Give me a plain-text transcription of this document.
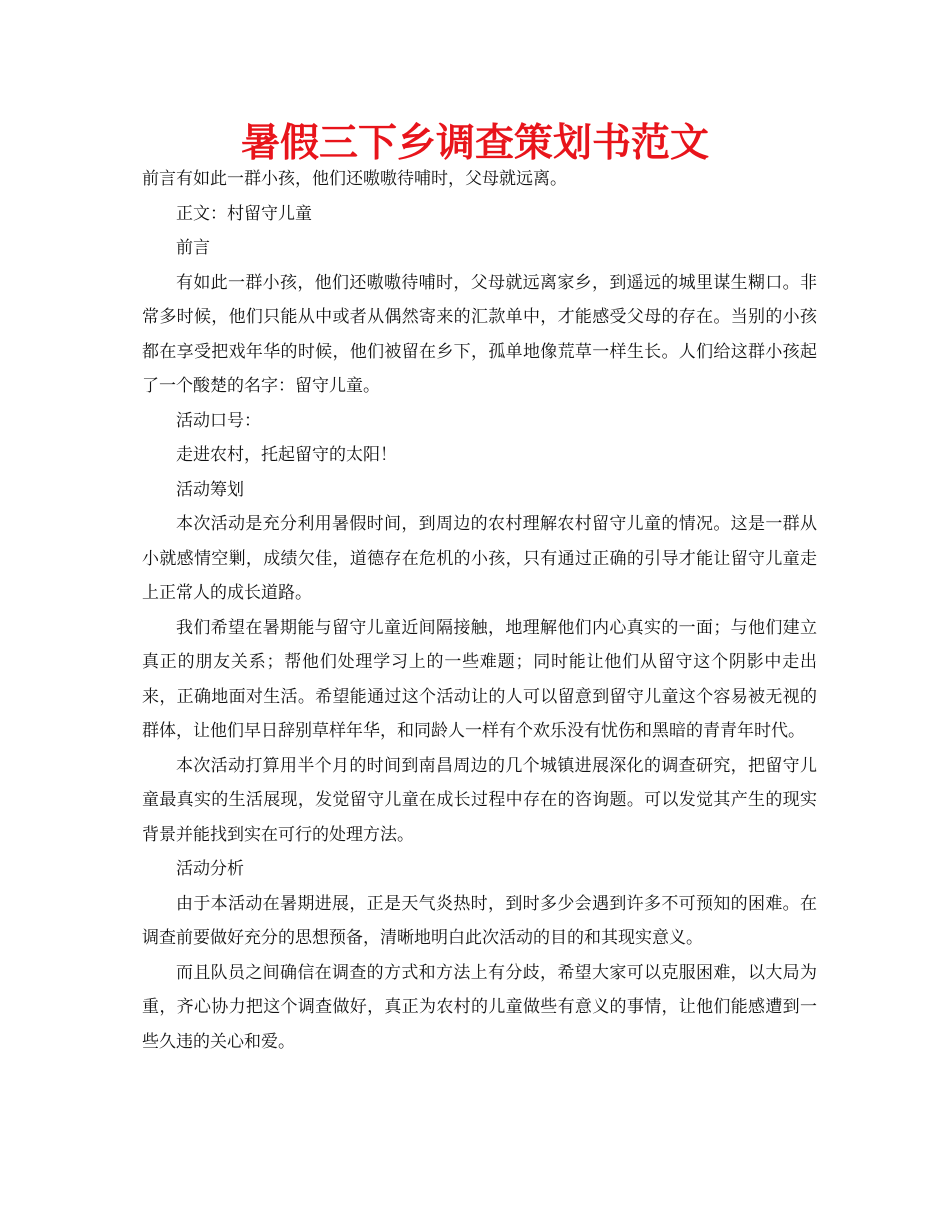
暑假三下乡调查策划书范文

前言有如此一群小孩，他们还嗷嗷待哺时，父母就远离。

正文：村留守儿童

前言

有如此一群小孩，他们还嗷嗷待哺时，父母就远离家乡，到遥远的城里谋生糊口。非常多时候，他们只能从中或者从偶然寄来的汇款单中，才能感受父母的存在。当别的小孩都在享受把戏年华的时候，他们被留在乡下，孤单地像荒草一样生长。人们给这群小孩起了一个酸楚的名字：留守儿童。

活动口号：

走进农村，托起留守的太阳！

活动筹划

本次活动是充分利用暑假时间，到周边的农村理解农村留守儿童的情况。这是一群从小就感情空剿，成绩欠佳，道德存在危机的小孩，只有通过正确的引导才能让留守儿童走上正常人的成长道路。

我们希望在暑期能与留守儿童近间隔接触，地理解他们内心真实的一面；与他们建立真正的朋友关系；帮他们处理学习上的一些难题；同时能让他们从留守这个阴影中走出来，正确地面对生活。希望能通过这个活动让的人可以留意到留守儿童这个容易被无视的群体，让他们早日辞别草样年华，和同龄人一样有个欢乐没有忧伤和黑暗的青青年时代。

本次活动打算用半个月的时间到南昌周边的几个城镇进展深化的调查研究，把留守儿童最真实的生活展现，发觉留守儿童在成长过程中存在的咨询题。可以发觉其产生的现实背景并能找到实在可行的处理方法。

活动分析

由于本活动在暑期进展，正是天气炎热时，到时多少会遇到许多不可预知的困难。在调查前要做好充分的思想预备，清晰地明白此次活动的目的和其现实意义。

而且队员之间确信在调查的方式和方法上有分歧，希望大家可以克服困难，以大局为重，齐心协力把这个调查做好，真正为农村的儿童做些有意义的事情，让他们能感遭到一些久违的关心和爱。
